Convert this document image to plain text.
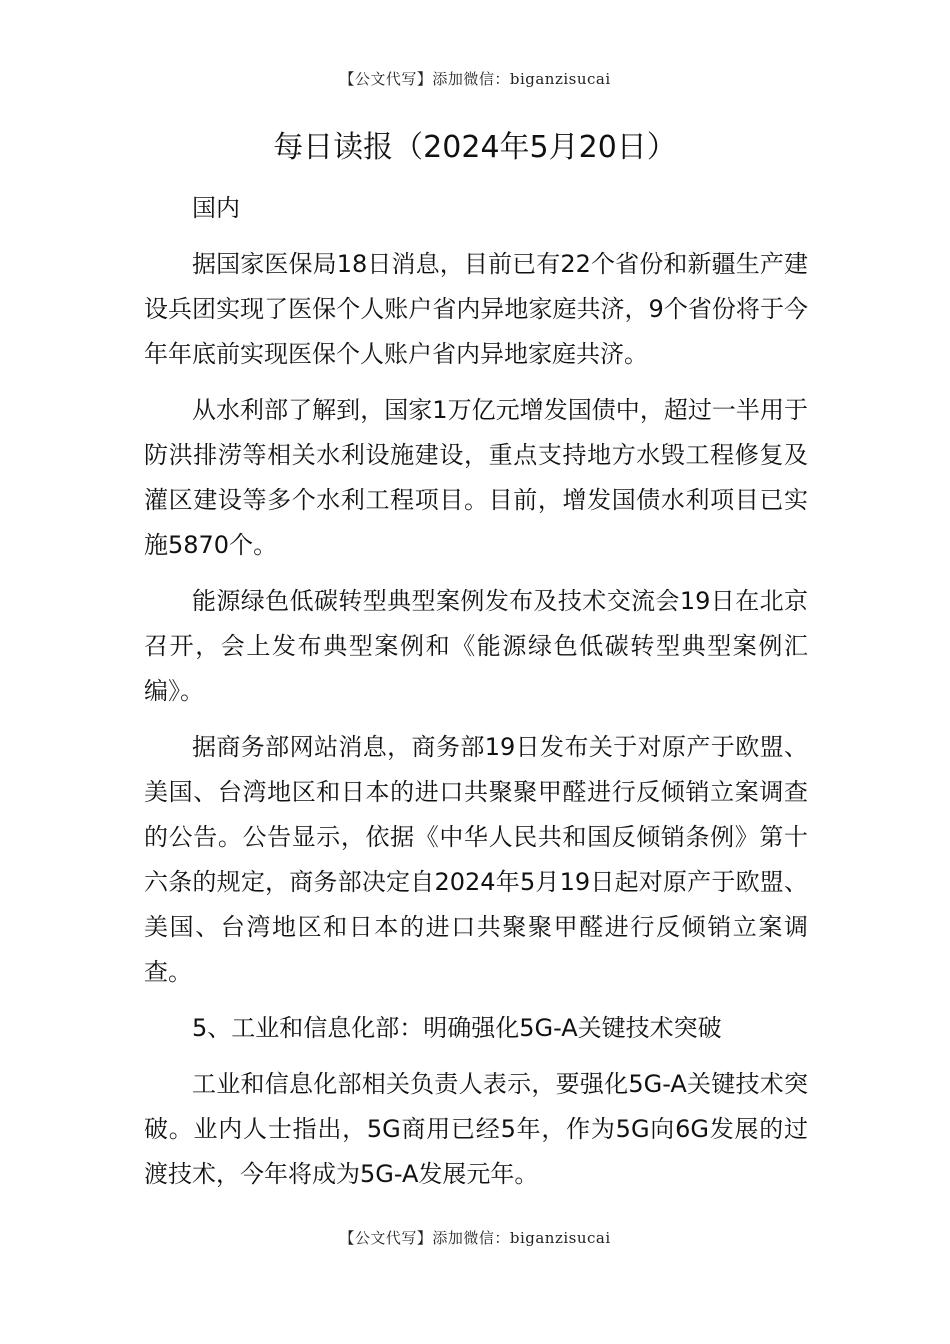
【公文代写】添加微信：biganzisucai
每日读报（2024年5月20日）

国内

据国家医保局18日消息，目前已有22个省份和新疆生产建设兵团实现了医保个人账户省内异地家庭共济，9个省份将于今年年底前实现医保个人账户省内异地家庭共济。

从水利部了解到，国家1万亿元增发国债中，超过一半用于防洪排涝等相关水利设施建设，重点支持地方水毁工程修复及灌区建设等多个水利工程项目。目前，增发国债水利项目已实施5870个。

能源绿色低碳转型典型案例发布及技术交流会19日在北京召开，会上发布典型案例和《能源绿色低碳转型典型案例汇编》。

据商务部网站消息，商务部19日发布关于对原产于欧盟、美国、台湾地区和日本的进口共聚聚甲醛进行反倾销立案调查的公告。公告显示，依据《中华人民共和国反倾销条例》第十六条的规定，商务部决定自2024年5月19日起对原产于欧盟、美国、台湾地区和日本的进口共聚聚甲醛进行反倾销立案调查。

5、工业和信息化部：明确强化5G-A关键技术突破

工业和信息化部相关负责人表示，要强化5G-A关键技术突破。业内人士指出，5G商用已经5年，作为5G向6G发展的过渡技术，今年将成为5G-A发展元年。

【公文代写】添加微信：biganzisucai
